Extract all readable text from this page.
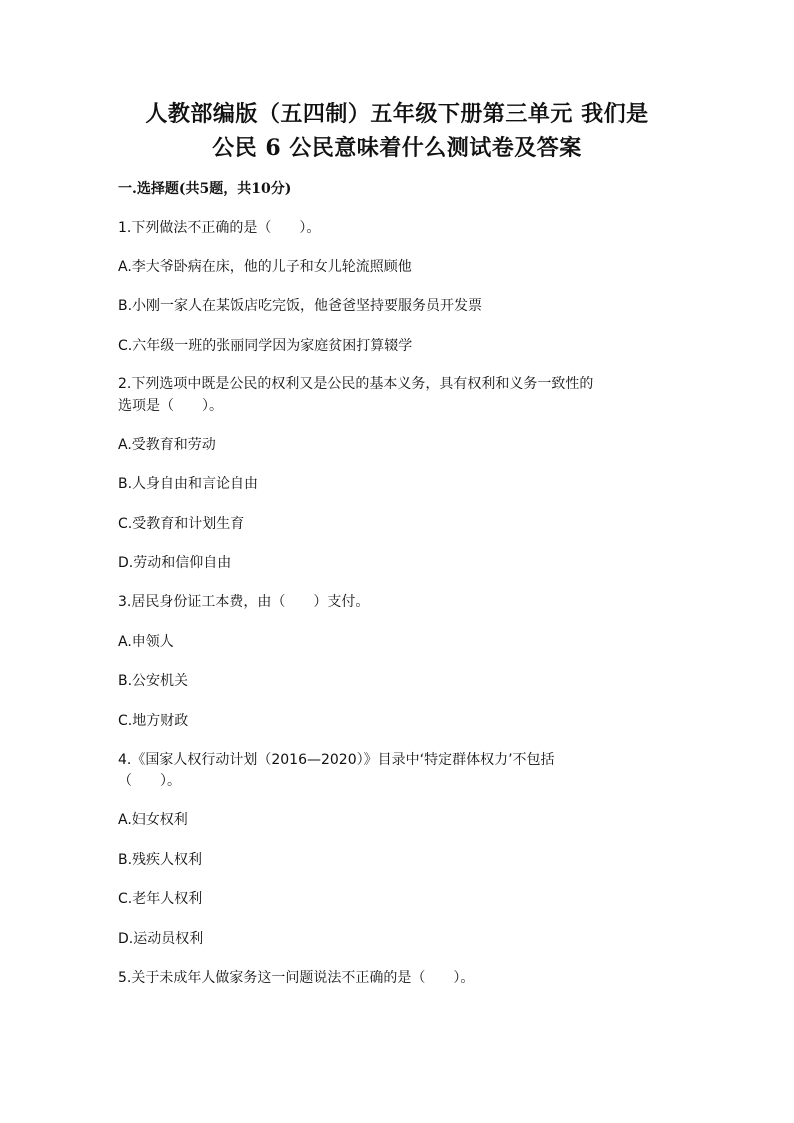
人教部编版（五四制）五年级下册第三单元 我们是
公民 6 公民意味着什么测试卷及答案
一.选择题(共5题，共10分)

1.下列做法不正确的是（　　）。

A.李大爷卧病在床，他的儿子和女儿轮流照顾他

B.小刚一家人在某饭店吃完饭，他爸爸坚持要服务员开发票

C.六年级一班的张丽同学因为家庭贫困打算辍学

2.下列选项中既是公民的权利又是公民的基本义务，具有权利和义务一致性的

选项是（　　）。

A.受教育和劳动

B.人身自由和言论自由

C.受教育和计划生育

D.劳动和信仰自由

3.居民身份证工本费，由（　　）支付。

A.申领人

B.公安机关

C.地方财政

4.《国家人权行动计划（2016—2020）》目录中‘特定群体权力’不包括

（　　）。

A.妇女权利

B.残疾人权利

C.老年人权利

D.运动员权利

5.关于未成年人做家务这一问题说法不正确的是（　　）。
